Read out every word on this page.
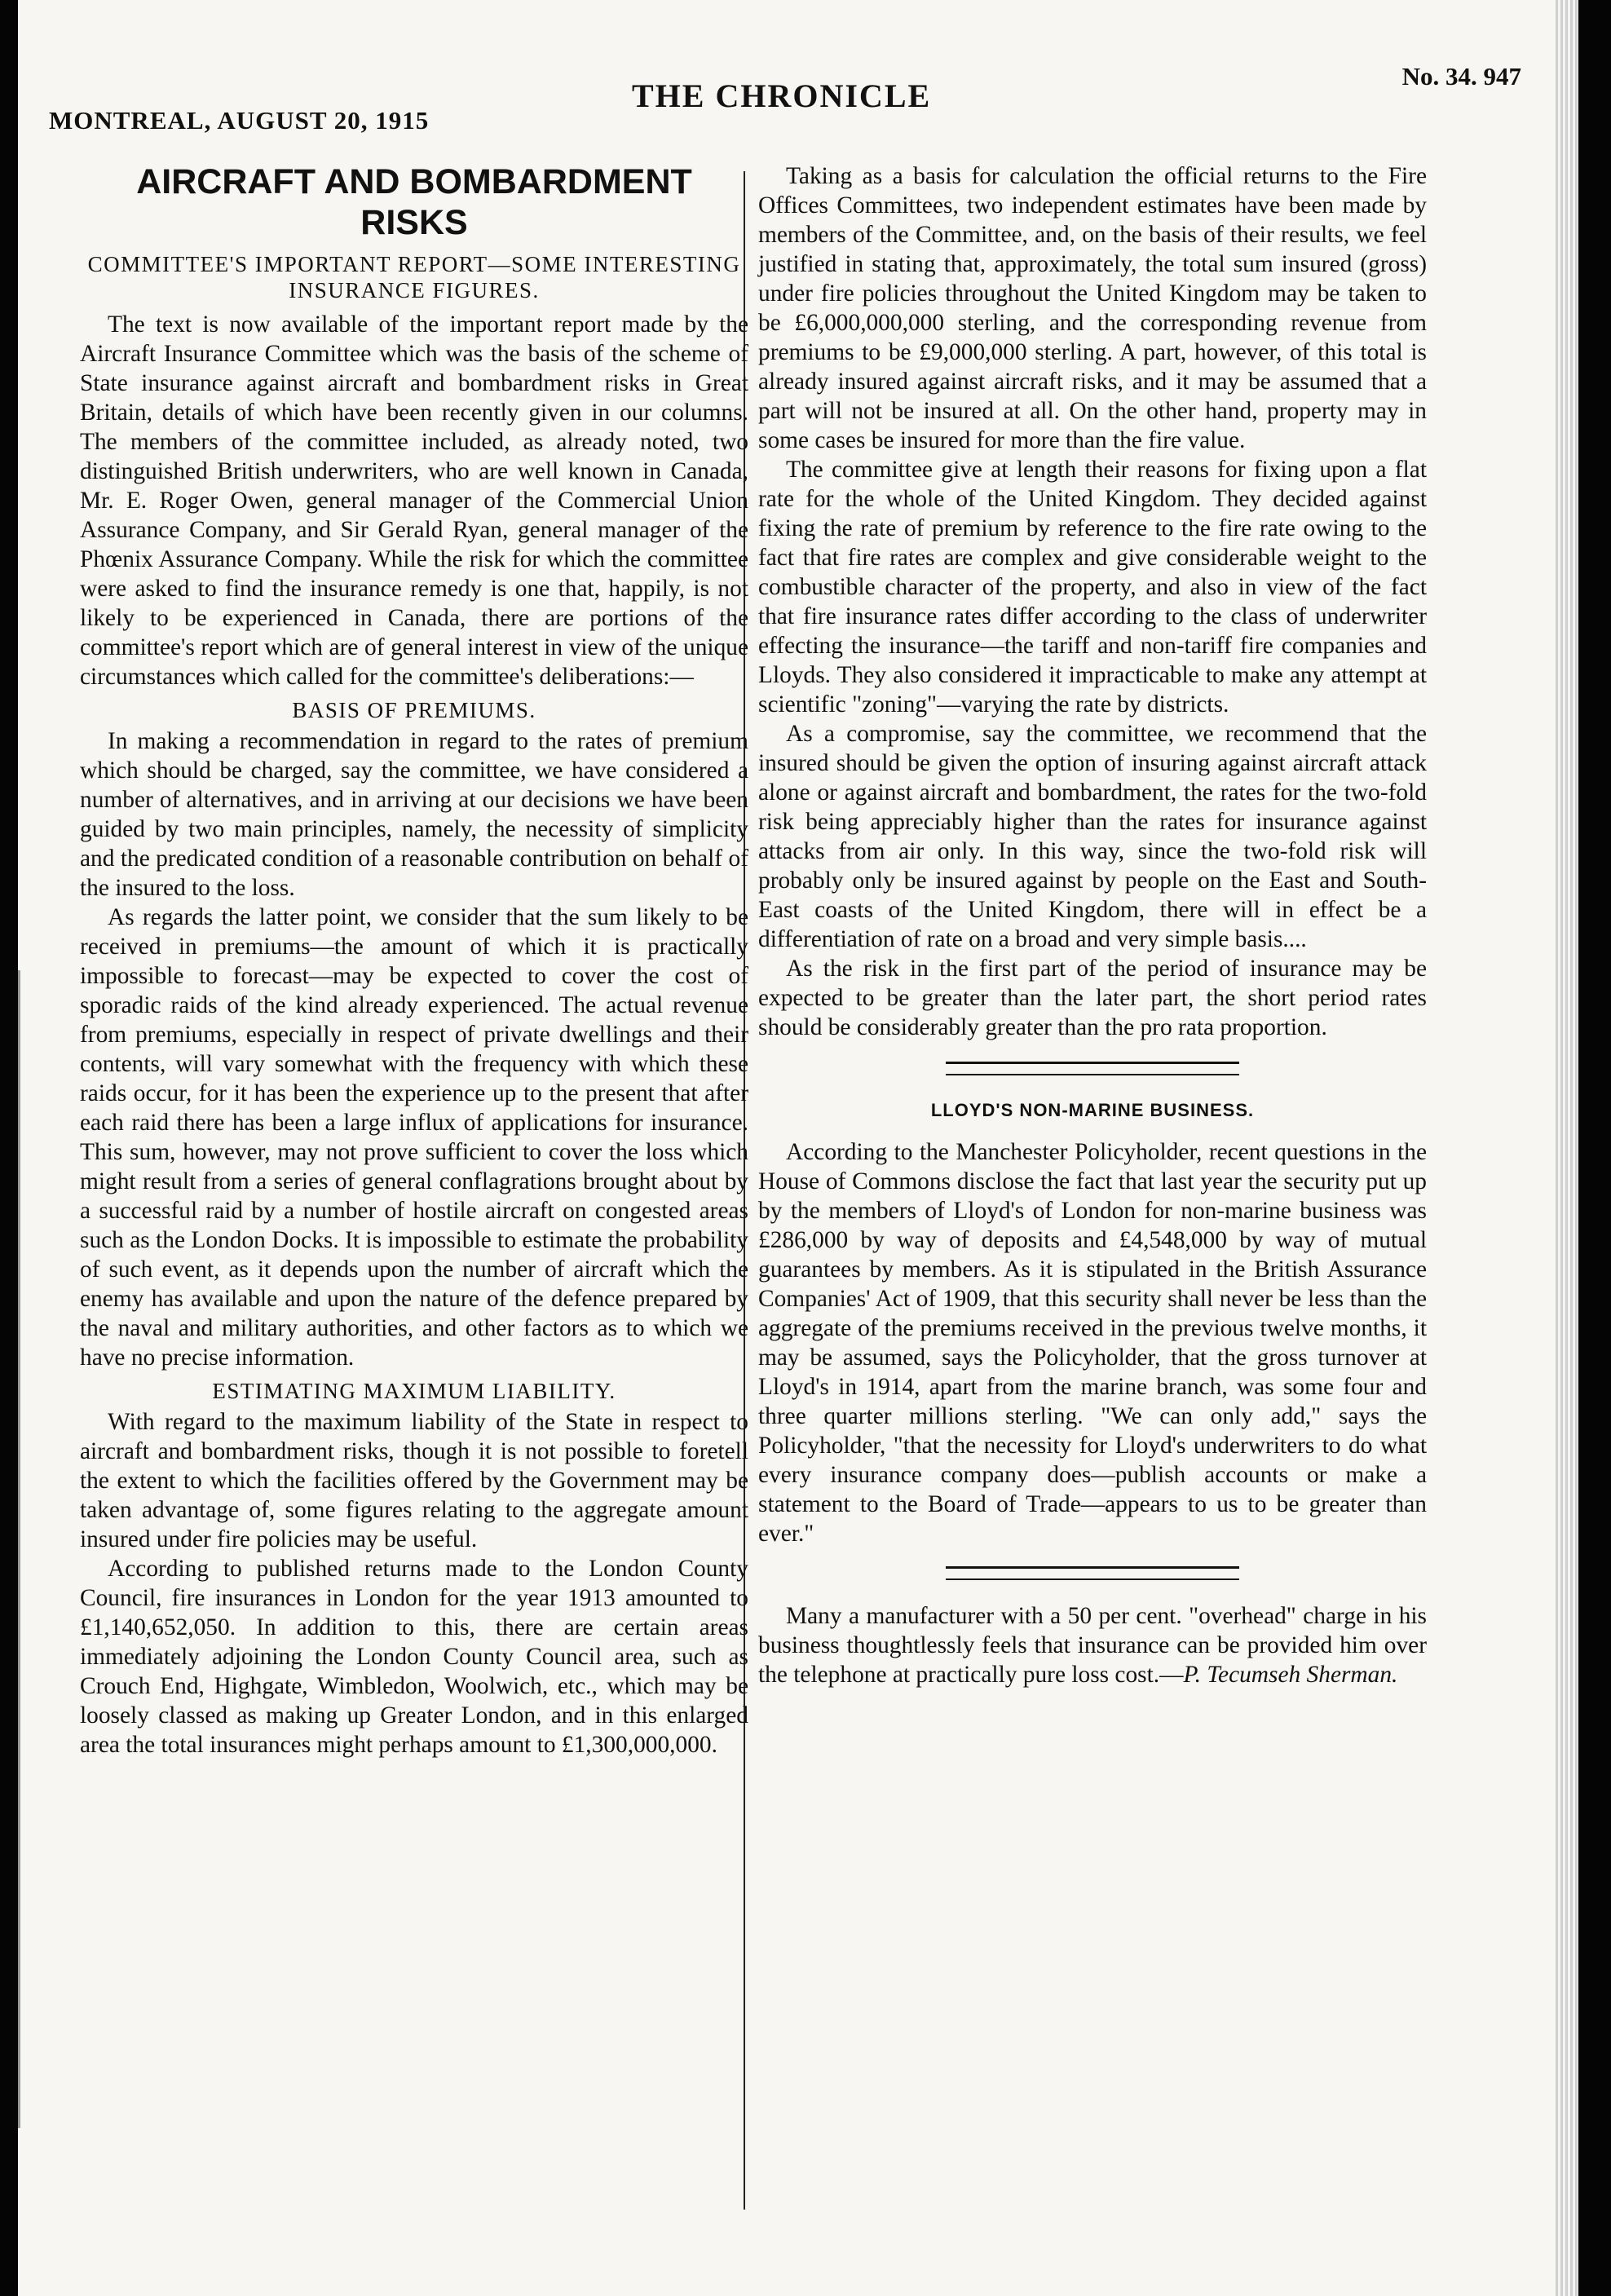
MONTREAL, AUGUST 20, 1915
THE CHRONICLE
No. 34. 947
AIRCRAFT AND BOMBARDMENT RISKS
COMMITTEE'S IMPORTANT REPORT—SOME INTERESTING INSURANCE FIGURES.

The text is now available of the important report made by the Aircraft Insurance Committee which was the basis of the scheme of State insurance against aircraft and bombardment risks in Great Britain, details of which have been recently given in our columns. The members of the committee included, as already noted, two distinguished British underwriters, who are well known in Canada, Mr. E. Roger Owen, general manager of the Commercial Union Assurance Company, and Sir Gerald Ryan, general manager of the Phœnix Assurance Company. While the risk for which the committee were asked to find the insurance remedy is one that, happily, is not likely to be experienced in Canada, there are portions of the committee's report which are of general interest in view of the unique circumstances which called for the committee's deliberations:—

BASIS OF PREMIUMS.

In making a recommendation in regard to the rates of premium which should be charged, say the committee, we have considered a number of alternatives, and in arriving at our decisions we have been guided by two main principles, namely, the necessity of simplicity and the predicated condition of a reasonable contribution on behalf of the insured to the loss.

As regards the latter point, we consider that the sum likely to be received in premiums—the amount of which it is practically impossible to forecast—may be expected to cover the cost of sporadic raids of the kind already experienced. The actual revenue from premiums, especially in respect of private dwellings and their contents, will vary somewhat with the frequency with which these raids occur, for it has been the experience up to the present that after each raid there has been a large influx of applications for insurance. This sum, however, may not prove sufficient to cover the loss which might result from a series of general conflagrations brought about by a successful raid by a number of hostile aircraft on congested areas such as the London Docks. It is impossible to estimate the probability of such event, as it depends upon the number of aircraft which the enemy has available and upon the nature of the defence prepared by the naval and military authorities, and other factors as to which we have no precise information.

ESTIMATING MAXIMUM LIABILITY.

With regard to the maximum liability of the State in respect to aircraft and bombardment risks, though it is not possible to foretell the extent to which the facilities offered by the Government may be taken advantage of, some figures relating to the aggregate amount insured under fire policies may be useful.

According to published returns made to the London County Council, fire insurances in London for the year 1913 amounted to £1,140,652,050. In addition to this, there are certain areas immediately adjoining the London County Council area, such as Crouch End, Highgate, Wimbledon, Woolwich, etc., which may be loosely classed as making up Greater London, and in this enlarged area the total insurances might perhaps amount to £1,300,000,000.

Taking as a basis for calculation the official returns to the Fire Offices Committees, two independent estimates have been made by members of the Committee, and, on the basis of their results, we feel justified in stating that, approximately, the total sum insured (gross) under fire policies throughout the United Kingdom may be taken to be £6,000,000,000 sterling, and the corresponding revenue from premiums to be £9,000,000 sterling. A part, however, of this total is already insured against aircraft risks, and it may be assumed that a part will not be insured at all. On the other hand, property may in some cases be insured for more than the fire value.

The committee give at length their reasons for fixing upon a flat rate for the whole of the United Kingdom. They decided against fixing the rate of premium by reference to the fire rate owing to the fact that fire rates are complex and give considerable weight to the combustible character of the property, and also in view of the fact that fire insurance rates differ according to the class of underwriter effecting the insurance—the tariff and non-tariff fire companies and Lloyds. They also considered it impracticable to make any attempt at scientific "zoning"—varying the rate by districts.

As a compromise, say the committee, we recommend that the insured should be given the option of insuring against aircraft attack alone or against aircraft and bombardment, the rates for the two-fold risk being appreciably higher than the rates for insurance against attacks from air only. In this way, since the two-fold risk will probably only be insured against by people on the East and South-East coasts of the United Kingdom, there will in effect be a differentiation of rate on a broad and very simple basis....

As the risk in the first part of the period of insurance may be expected to be greater than the later part, the short period rates should be considerably greater than the pro rata proportion.

LLOYD'S NON-MARINE BUSINESS.

According to the Manchester Policyholder, recent questions in the House of Commons disclose the fact that last year the security put up by the members of Lloyd's of London for non-marine business was £286,000 by way of deposits and £4,548,000 by way of mutual guarantees by members. As it is stipulated in the British Assurance Companies' Act of 1909, that this security shall never be less than the aggregate of the premiums received in the previous twelve months, it may be assumed, says the Policyholder, that the gross turnover at Lloyd's in 1914, apart from the marine branch, was some four and three quarter millions sterling. "We can only add," says the Policyholder, "that the necessity for Lloyd's underwriters to do what every insurance company does—publish accounts or make a statement to the Board of Trade—appears to us to be greater than ever."

Many a manufacturer with a 50 per cent. "overhead" charge in his business thoughtlessly feels that insurance can be provided him over the telephone at practically pure loss cost.—P. Tecumseh Sherman.
